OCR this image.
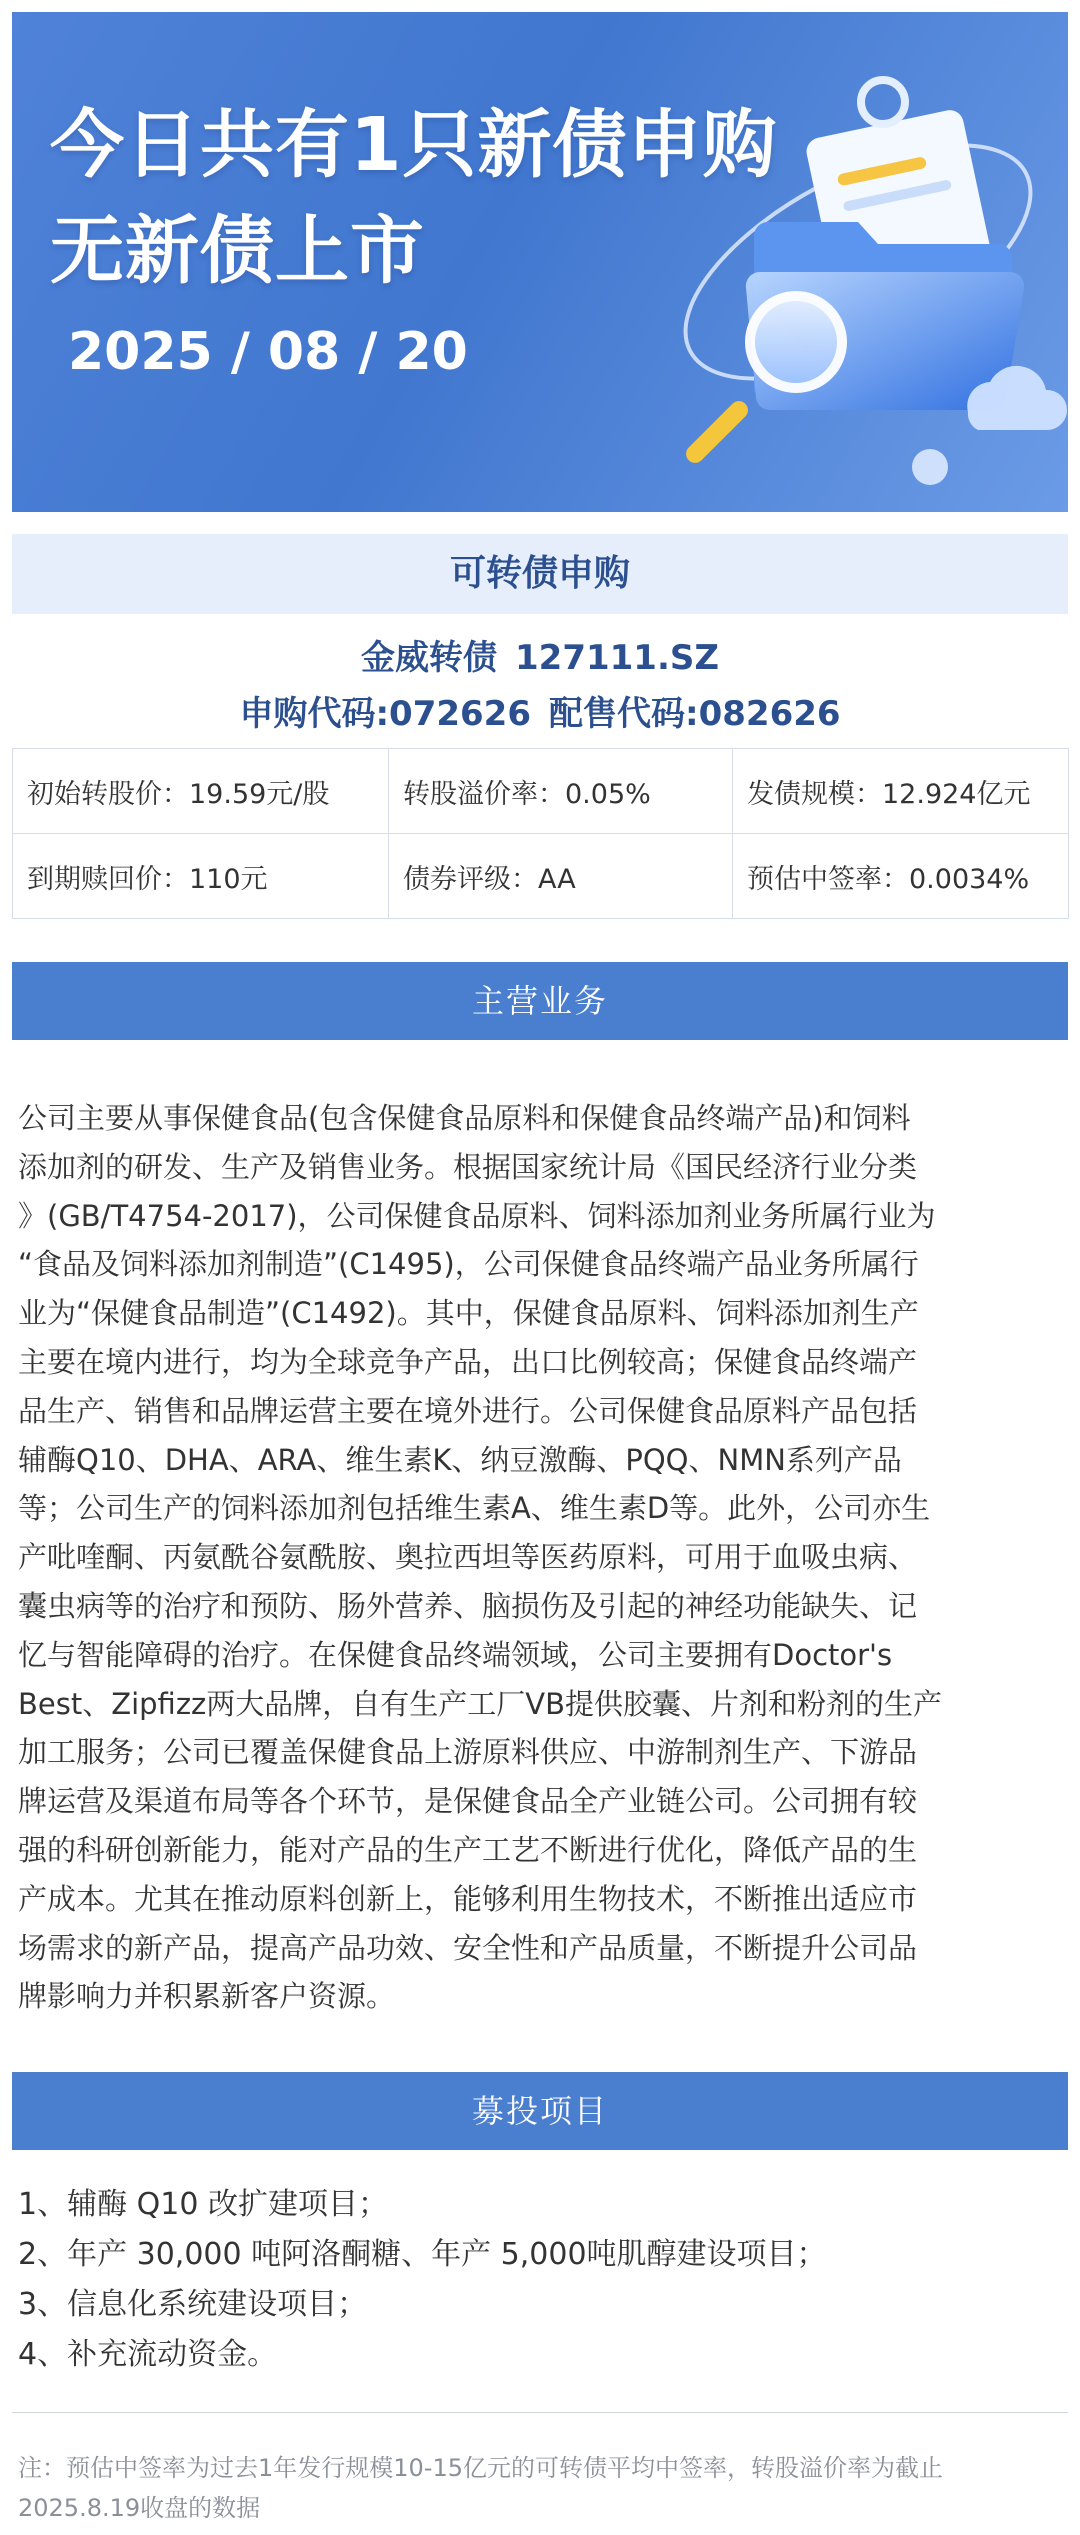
今日共有1只新债申购
无新债上市
2025 / 08 / 20
可转债申购
金威转债 127111.SZ
申购代码:072626 配售代码:082626
初始转股价：19.59元/股	转股溢价率：0.05%	发债规模：12.924亿元
到期赎回价：110元	债券评级：AA	预估中签率：0.0034%
主营业务
公司主要从事保健食品(包含保健食品原料和保健食品终端产品)和饲料
添加剂的研发、生产及销售业务。根据国家统计局《国民经济行业分类
》(GB/T4754-2017)，公司保健食品原料、饲料添加剂业务所属行业为
“食品及饲料添加剂制造”(C1495)，公司保健食品终端产品业务所属行
业为“保健食品制造”(C1492)。其中，保健食品原料、饲料添加剂生产
主要在境内进行，均为全球竞争产品，出口比例较高；保健食品终端产
品生产、销售和品牌运营主要在境外进行。公司保健食品原料产品包括
辅酶Q10、DHA、ARA、维生素K、纳豆激酶、PQQ、NMN系列产品
等；公司生产的饲料添加剂包括维生素A、维生素D等。此外，公司亦生
产吡喹酮、丙氨酰谷氨酰胺、奥拉西坦等医药原料，可用于血吸虫病、
囊虫病等的治疗和预防、肠外营养、脑损伤及引起的神经功能缺失、记
忆与智能障碍的治疗。在保健食品终端领域，公司主要拥有Doctor's
Best、Zipfizz两大品牌，自有生产工厂VB提供胶囊、片剂和粉剂的生产
加工服务；公司已覆盖保健食品上游原料供应、中游制剂生产、下游品
牌运营及渠道布局等各个环节，是保健食品全产业链公司。公司拥有较
强的科研创新能力，能对产品的生产工艺不断进行优化，降低产品的生
产成本。尤其在推动原料创新上，能够利用生物技术，不断推出适应市
场需求的新产品，提高产品功效、安全性和产品质量，不断提升公司品
牌影响力并积累新客户资源。
募投项目
1、辅酶 Q10 改扩建项目；
2、年产 30,000 吨阿洛酮糖、年产 5,000吨肌醇建设项目；
3、信息化系统建设项目；
4、补充流动资金。
注：预估中签率为过去1年发行规模10-15亿元的可转债平均中签率，转股溢价率为截止
2025.8.19收盘的数据
